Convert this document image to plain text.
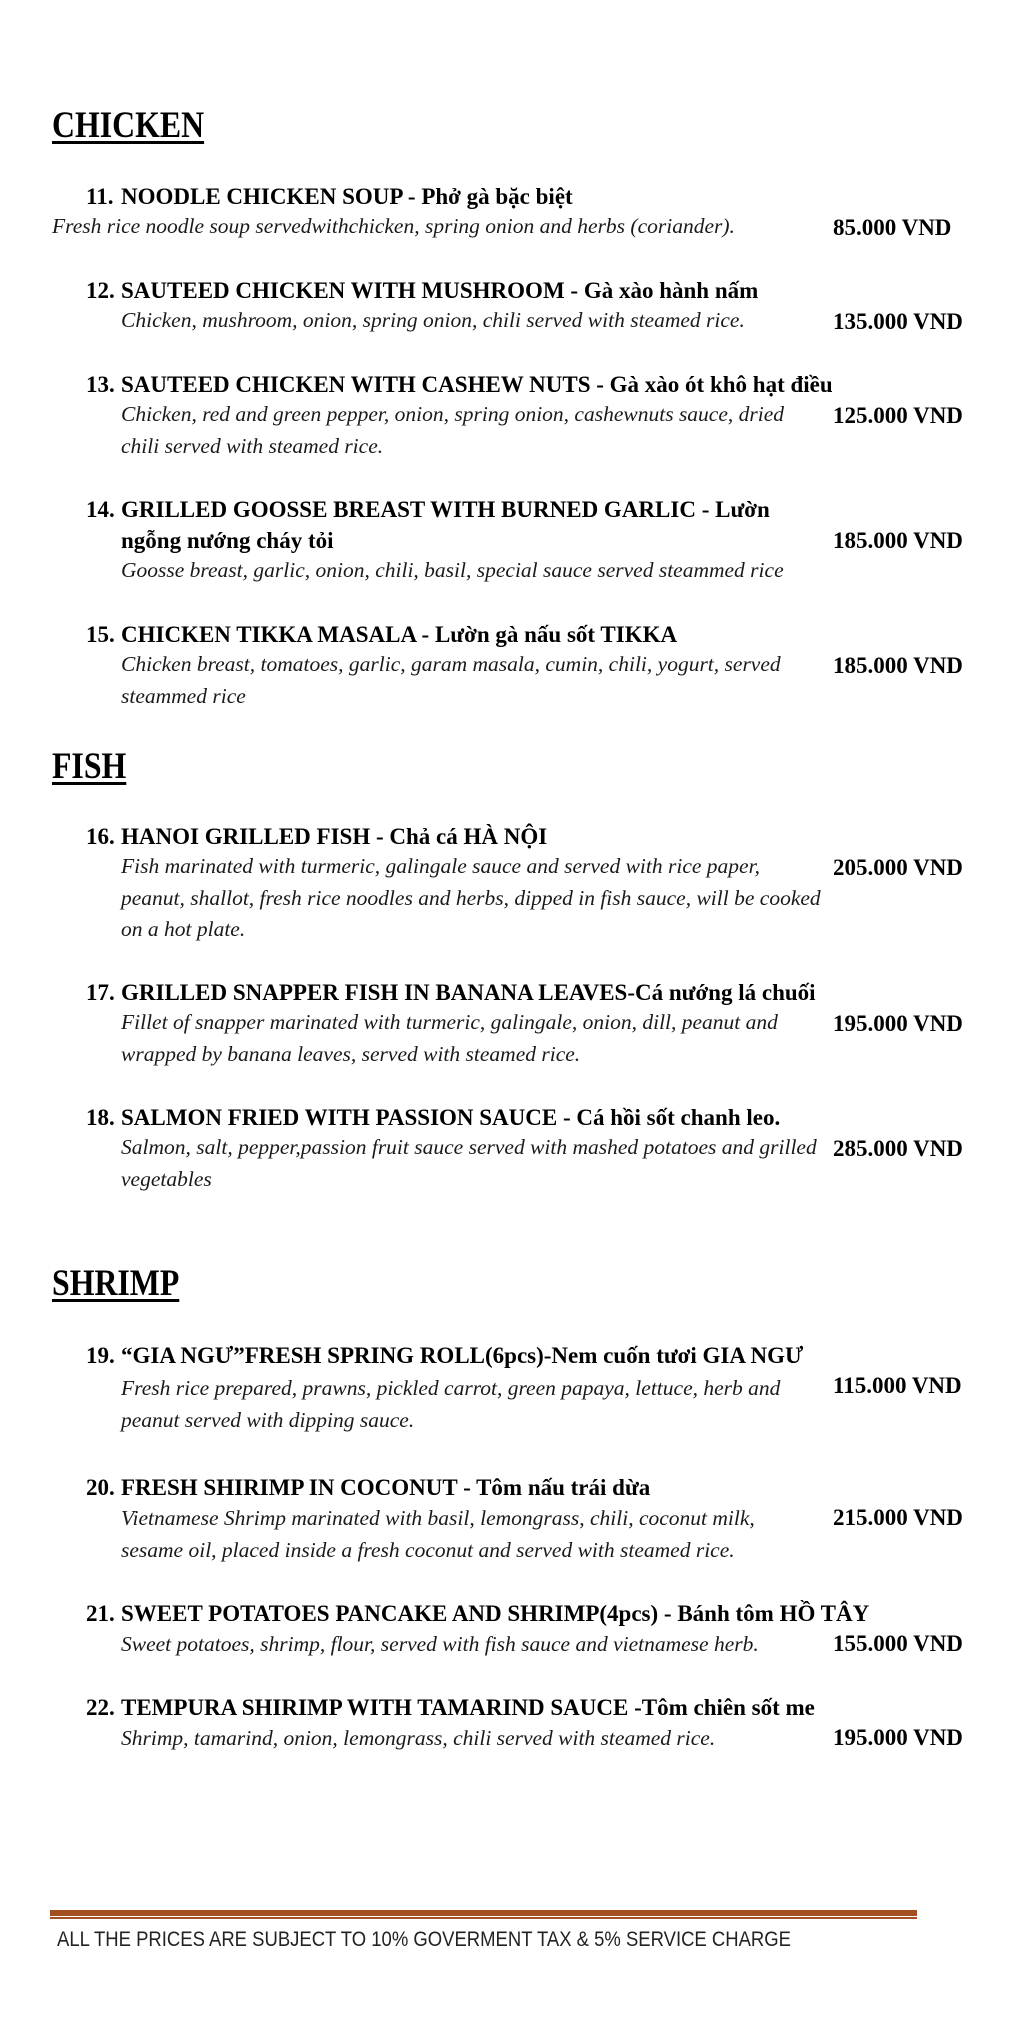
CHICKEN
11. NOODLE CHICKEN SOUP - Phở gà bặc biệt
Fresh rice noodle soup servedwithchicken, spring onion and herbs (coriander).	85.000 VND
12. SAUTEED CHICKEN WITH MUSHROOM - Gà xào hành nấm
Chicken, mushroom, onion, spring onion, chili served with steamed rice.	135.000 VND
13. SAUTEED CHICKEN WITH CASHEW NUTS - Gà xào ót khô hạt điều
Chicken, red and green pepper, onion, spring onion, cashewnuts sauce, dried chili served with steamed rice.
125.000 VND
14. GRILLED GOOSSE BREAST WITH BURNED GARLIC - Lườn ngỗng nướng cháy tỏi
Goosse breast, garlic, onion, chili, basil, special sauce served steammed rice
185.000 VND
15. CHICKEN TIKKA MASALA - Lườn gà nấu sốt TIKKA
Chicken breast, tomatoes, garlic, garam masala, cumin, chili, yogurt, served steammed rice
185.000 VND
FISH
16. HANOI GRILLED FISH - Chả cá HÀ NỘI
Fish marinated with turmeric, galingale sauce and served with rice paper, peanut, shallot, fresh rice noodles and herbs, dipped in fish sauce, will be cooked on a hot plate.
205.000 VND
17. GRILLED SNAPPER FISH IN BANANA LEAVES-Cá nướng lá chuối
Fillet of snapper marinated with turmeric, galingale, onion, dill, peanut and wrapped by banana leaves, served with steamed rice.
195.000 VND
18. SALMON FRIED WITH PASSION SAUCE - Cá hồi sốt chanh leo.
Salmon, salt, pepper,passion fruit sauce served with mashed potatoes and grilled vegetables
285.000 VND
SHRIMP
19. “GIA NGƯ”FRESH SPRING ROLL(6pcs)-Nem cuốn tươi GIA NGƯ
Fresh rice prepared, prawns, pickled carrot, green papaya, lettuce, herb and peanut served with dipping sauce.
115.000 VND
20. FRESH SHIRIMP IN COCONUT - Tôm nấu trái dừa
Vietnamese Shrimp marinated with basil, lemongrass, chili, coconut milk, sesame oil, placed inside a fresh coconut and served with steamed rice.
215.000 VND
21. SWEET POTATOES PANCAKE AND SHRIMP(4pcs) - Bánh tôm HỒ TÂY
Sweet potatoes, shrimp, flour, served with fish sauce and vietnamese herb.	155.000 VND
22. TEMPURA SHIRIMP WITH TAMARIND SAUCE -Tôm chiên sốt me
Shrimp, tamarind, onion, lemongrass, chili served with steamed rice.	195.000 VND
ALL THE PRICES ARE SUBJECT TO 10% GOVERMENT TAX & 5% SERVICE CHARGE
